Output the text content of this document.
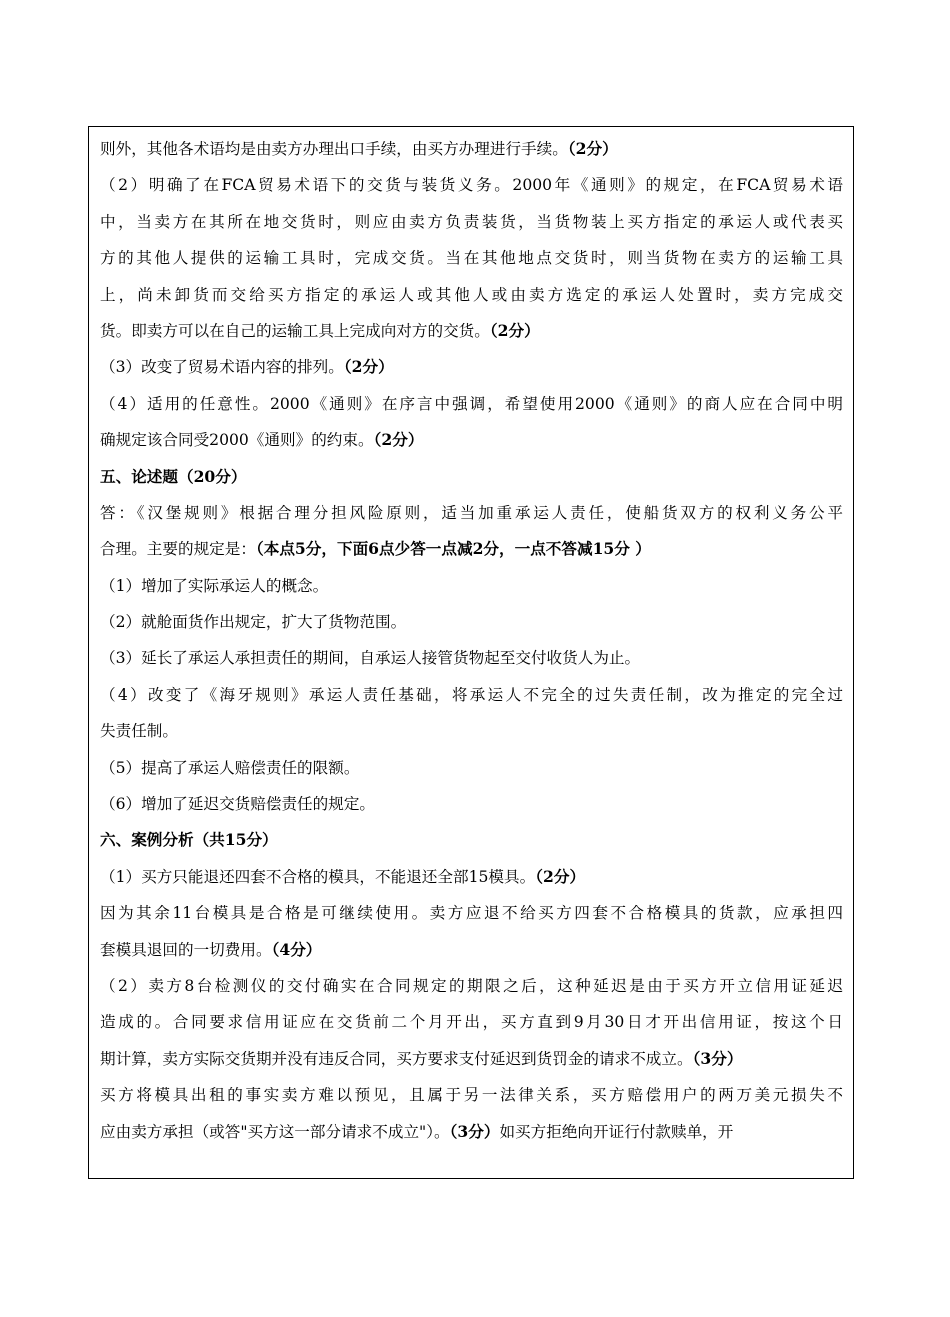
则外，其他各术语均是由卖方办理出口手续，由买方办理进行手续。（2分）
（2）明确了在FCA贸易术语下的交货与装货义务。2000年《通则》的规定，在FCA贸易术语
中，当卖方在其所在地交货时，则应由卖方负责装货，当货物装上买方指定的承运人或代表买
方的其他人提供的运输工具时，完成交货。当在其他地点交货时，则当货物在卖方的运输工具
上，尚未卸货而交给买方指定的承运人或其他人或由卖方选定的承运人处置时，卖方完成交
货。即卖方可以在自己的运输工具上完成向对方的交货。（2分）
（3）改变了贸易术语内容的排列。（2分）
（4）适用的任意性。2000《通则》在序言中强调，希望使用2000《通则》的商人应在合同中明
确规定该合同受2000《通则》的约束。（2分）
五、论述题（20分）
答：《汉堡规则》根据合理分担风险原则，适当加重承运人责任，使船货双方的权利义务公平
合理。主要的规定是：（本点5分，下面6点少答一点减2分，一点不答减15分 ）
（1）增加了实际承运人的概念。
（2）就舱面货作出规定，扩大了货物范围。
（3）延长了承运人承担责任的期间，自承运人接管货物起至交付收货人为止。
（4）改变了《海牙规则》承运人责任基础，将承运人不完全的过失责任制，改为推定的完全过
失责任制。
（5）提高了承运人赔偿责任的限额。
（6）增加了延迟交货赔偿责任的规定。
六、案例分析（共15分）
（1）买方只能退还四套不合格的模具，不能退还全部15模具。（2分）
因为其余11台模具是合格是可继续使用。卖方应退不给买方四套不合格模具的货款，应承担四
套模具退回的一切费用。（4分）
（2）卖方8台检测仪的交付确实在合同规定的期限之后，这种延迟是由于买方开立信用证延迟
造成的。合同要求信用证应在交货前二个月开出，买方直到9月30日才开出信用证，按这个日
期计算，卖方实际交货期并没有违反合同，买方要求支付延迟到货罚金的请求不成立。（3分）
买方将模具出租的事实卖方难以预见，且属于另一法律关系，买方赔偿用户的两万美元损失不
应由卖方承担（或答"买方这一部分请求不成立"）。（3分）如买方拒绝向开证行付款赎单，开
